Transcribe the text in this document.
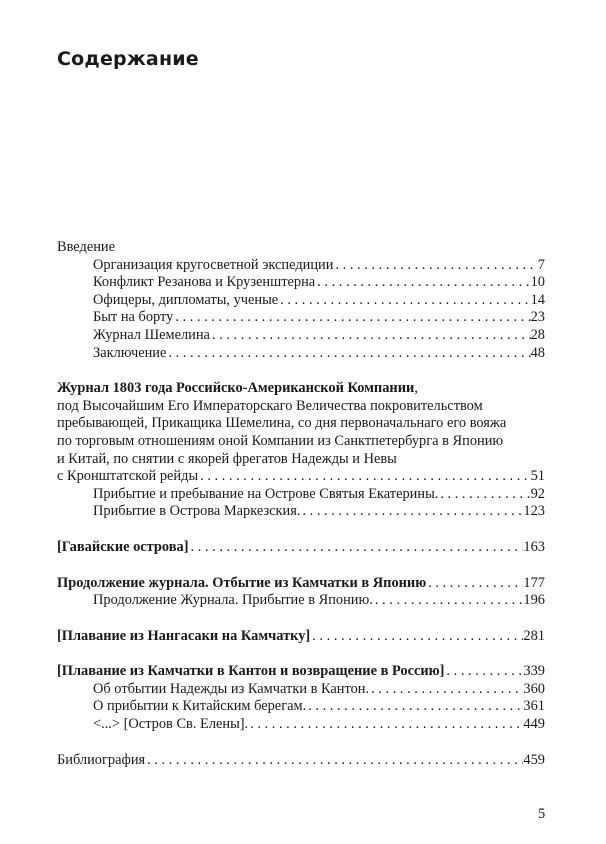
Содержание
Введение
Организация кругосветной экспедиции . . .	7
Конфликт Резанова и Крузенштерна . . .	10
Офицеры, дипломаты, ученые . . .	14
Быт на борту . . .	23
Журнал Шемелина . . .	28
Заключение . . .	48
Журнал 1803 года Российско-Американской Компании,
под Высочайшим Его Императорскаго Величества покровительством
пребывающей, Прикащика Шемелина, со дня первоначальнаго его вояжа
по торговым отношениям оной Компании из Санктпетербурга в Японию
и Китай, по снятии с якорей фрегатов Надежды и Невы
с Кронштатской рейды . . .	51
Прибытие и пребывание на Острове Святыя Екатерины. . . .	92
Прибытие в Острова Маркезския. . . .	123
[Гавайские острова] . . .	163
Продолжение журнала. Отбытие из Камчатки в Японию . . .	177
Продолжение Журнала. Прибытие в Японию. . . .	196
[Плавание из Нангасаки на Камчатку] . . .	281
[Плавание из Камчатки в Кантон и возвращение в Россию] . . .	339
Об отбытии Надежды из Камчатки в Кантон. . . .	360
О прибытии к Китайским берегам. . . .	361
<...> [Остров Св. Елены]. . . .	449
Библиография . . .	459
5
